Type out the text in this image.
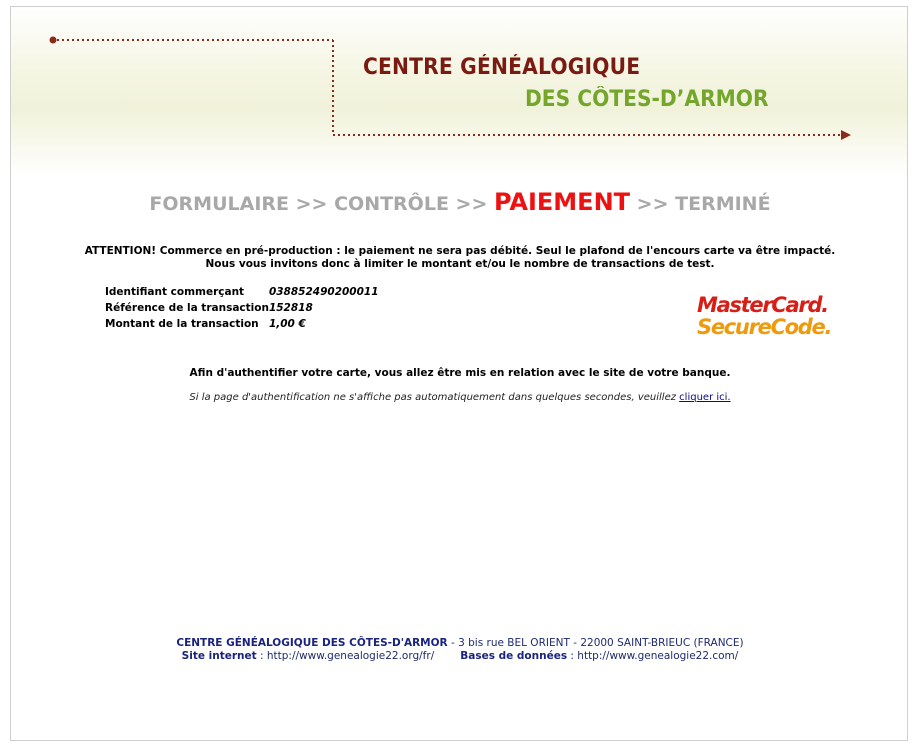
CENTRE GÉNÉALOGIQUE
DES CÔTES-D’ARMOR
FORMULAIRE >> CONTRÔLE >> PAIEMENT >> TERMINÉ
ATTENTION! Commerce en pré-production : le paiement ne sera pas débité. Seul le plafond de l'encours carte va être impacté.
Nous vous invitons donc à limiter le montant et/ou le nombre de transactions de test.
Identifiant commerçant	038852490200011
Référence de la transaction	152818
Montant de la transaction	1,00 €
MasterCard.
SecureCode.
Afin d'authentifier votre carte, vous allez être mis en relation avec le site de votre banque.
Si la page d'authentification ne s'affiche pas automatiquement dans quelques secondes, veuillez cliquer ici.
CENTRE GÉNÉALOGIQUE DES CÔTES-D'ARMOR - 3 bis rue BEL ORIENT - 22000 SAINT-BRIEUC (FRANCE)
Site internet : http://www.genealogie22.org/fr/ Bases de données : http://www.genealogie22.com/
